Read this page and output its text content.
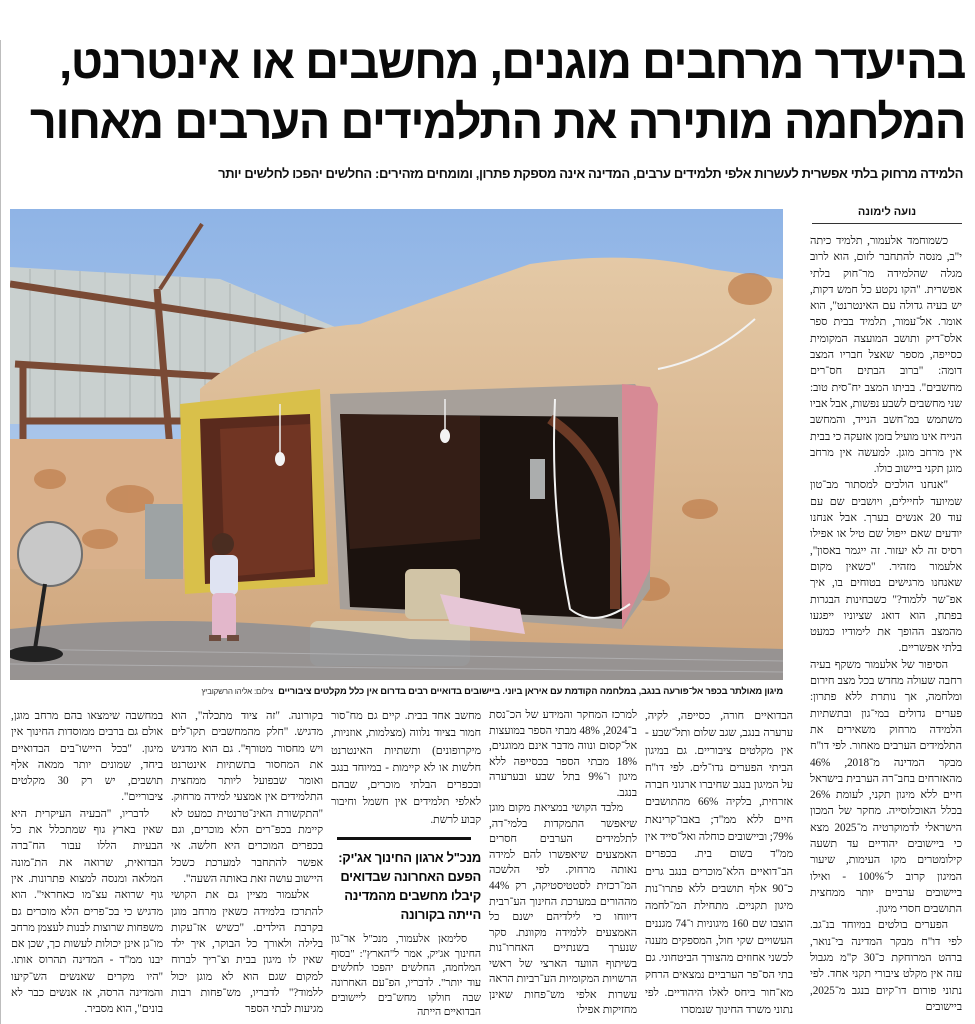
בהיעדר מרחבים מוגנים, מחשבים או אינטרנט,
המלחמה מותירה את התלמידים הערבים מאחור
הלמידה מרחוק בלתי אפשרית לעשרות אלפי תלמידים ערבים, המדינה אינה מספקת פתרון, ומומחים מזהירים: החלשים יהפכו לחלשים יותר
מיגון מאולתר בכפר אל־פורעה בנגב, במלחמה הקודמת עם איראן ביוני. ביישובים בדואיים רבים בדרום אין כלל מקלטים ציבורייםצילום: אליהו הרשקוביץ
נועה לימונה

כשמוחמד אלעמור, תלמיד כיתה י"ב, מנסה להתחבר לזום, הוא לרוב מגלה שהלמידה מר־חוק בלתי אפשרית. "הקו נקטע כל חמש דקות, יש בעיה גדולה עם האינטרנט", הוא אומר. אל־עמור, תלמיד בבית ספר אלס־דיק ותושב המועצה המקומית כסייפה, מספר שאצל חבריו המצב דומה: "ברוב הבתים חס־רים מחשבים". בביתו המצב יח־סית טוב: שני מחשבים לשבע נפשות, אבל אביו משתמש במ־חשב הנייד, והמחשב הנייח אינו מועיל בזמן אזעקה כי בבית אין מרחב מוגן. למעשה אין מרחב מוגן תקני ביישוב כולו.

"אנחנו הולכים למסתור מב־טון שמיועד לחיילים, ויושבים שם עם עוד 20 אנשים בערך. אבל אנחנו יודעים שאם ייפול שם טיל או אפילו רסיס זה לא יעזור. זה ייגמר באסון", אלעמור מזהיר. "כשאין מקום שאנחנו מרגישים בטוחים בו, איך אפ־שר ללמוד?" כשבחינות הבגרות בפתח, הוא דואג שציוניו ייפגעו מהמצב ההופך את לימודיו כמעט בלתי אפשריים.

הסיפור של אלעמור משקף בעיה רחבה שעולה מחדש בכל מצב חירום ומלחמה, אך נותרת ללא פתרון: פערים גדולים במי־גון ובתשתיות הלמידה מרחוק משאירים את התלמידים הערבים מאחור. לפי דו"ח מבקר המדינה מ־2018, 46% מהאזרחים בחב־רה הערבית בישראל חיים ללא מיגון תקני, לעומת 26% בכלל האוכלוסייה. מחקר של המכון הישראלי לדמוקרטיה מ־2025 מצא כי ביישובים יהודיים עד תשעה קילומטרים מקו העימות, שיעור המיגון קרוב ל־100% - ואילו ביישובים ערביים יותר ממחצית התושבים חסרי מיגון.

הפערים בולטים במיוחד בנ־גב. לפי דו"ח מבקר המדינה בי־נואר, ברהט המרוחקת כ־30 ק"מ מגבול עזה אין מקלט ציבורי תקני אחד. לפי נתוני פורום דו־קיום בנגב מ־2025, ביישובים

הבדואיים חורה, כסייפה, לקיה, ערערה בנגב, שגב שלום ותל־שבע - אין מקלטים ציבוריים. גם במיגון הביתי הפערים גדו־לים. לפי דו"ח על המיגון בנגב שחיברו ארגוני חברה אזרחית, בלקיה 66% מהתושבים חיים ללא ממ"ד; באבו־קרינאת 79%; וביישובים כוחלה ואל־סייד אין ממ"ד בשום בית. בכפרים הב־דואיים הלא־מוכרים בנגב גרים כ־90 אלף תושבים ללא פתרו־נות מיגון תקניים. מתחילת המ־לחמה הוצבו שם 160 מיגוניות ו־74 מגננים העשויים שקי חול, המספקים מענה לכשני אחוזים מהצורך הביטחוני. גם בתי הס־פר הערביים נמצאים הרחק מא־חור ביחס לאלו היהודיים. לפי נתוני משרד החינוך שנמסרו

למרכז המחקר והמידע של הכ־נסת ב־2024, 48% מבתי הספר במועצות אל־קסום ונווה מדבר אינם ממוגנים, 18% מבתי הספר בכסייפה ללא מיגון ו־9% בתל שבע ובערערה בנגב.

מלבד הקושי במציאת מקום מוגן שיאפשר התמקדות בלמי־דה, לתלמידים הערבים חסרים האמצעים שיאפשרו להם למידה נאותה מרחוק. לפי הלשכה המ־רכזית לסטטיסטיקה, רק 44% מההורים במערכת החינוך הע־רבית דיווחו כי לילדיהם ישנם כל האמצעים ללמידה מקוונת. סקר שנערך בשנתיים האחרו־נות בשיתוף הוועד הארצי של ראשי הרשויות המקומיות הע־רביות הראה עשרות אלפי מש־פחות שאינן מחזיקות אפילו

מחשב אחד בבית. קיים גם מח־סור חמור בציוד נלווה (מצלמות, אוזניות, מיקרופונים) ותשתיות האינטרנט חלשות או לא קיימות - במיוחד בנגב ובכפרים הבלתי מוכרים, שבהם לאלפי תלמידים אין חשמל וחיבור קבוע לרשת.

מנכ"ל ארגון החינוך אג'יק: הפעם האחרונה שבדואים קיבלו מחשבים מהמדינה הייתה בקורונה

סלימאן אלעמור, מנכ"ל אר־גון החינוך אג'יק, אמר ל"הארץ": "בסוף המלחמה, החלשים יהפכו לחלשים עוד יותר". לדבריו, הפ־עם האחרונה שבה חולקו מחש־בים ליישובים הבדואיים הייתה

בקורונה. "זה ציוד מתכלה", הוא מדגיש. "חלק מהמחשבים תקו־לים ויש מחסור מטורף". גם הוא מדגיש את המחסור בתשתיות אינטרנט ואומר שבפועל ליותר ממחצית התלמידים אין אמצעי למידה מרחוק. "התקשורת האינ־טרנטית כמעט לא קיימת בכפ־רים הלא מוכרים, וגם בכפרים המוכרים היא חלשה. אי אפשר להתחבר למערכת כשכל היישוב עושה זאת באותה השעה".

אלעמור מציין גם את הקושי להתרכז בלמידה כשאין מרחב מוגן בקרבת הילדים. "כשיש אז־עקות בלילה ולאורך כל הבוקר, איך ילד שאין לו מיגון בבית וצ־ריך לברוח למקום שגם הוא לא מוגן יכול ללמוד?" לדבריו, מש־פחות רבות מגיעות לבתי הספר

במחשבה שימצאו בהם מרחב מוגן, אולם גם ברבים ממוסדות החינוך אין מיגון. "בכל היישו־בים הבדואיים ביחד, שמונים יותר ממאה אלף תושבים, יש רק 30 מקלטים ציבוריים".

לדבריו, "הבעיה העיקרית היא שאין בארץ גוף שמתכלל את כל הבעיות הללו עבור הח־ברה הבדואית, שרואה את הת־מונה המלאה ומנסה למצוא פתרונות. אין גוף שרואה עצ־מו כאחראי". הוא מדגיש כי בכ־פרים הלא מוכרים גם משפחות שרוצות לבנות לעצמן מרחב מו־גן אינן יכולות לעשות כך, שכן אם יבנו ממ"ד - המדינה תהרוס אותו. "היו מקרים שאנשים הש־קיעו והמדינה הרסה, אז אנשים כבר לא בונים", הוא מסביר.
